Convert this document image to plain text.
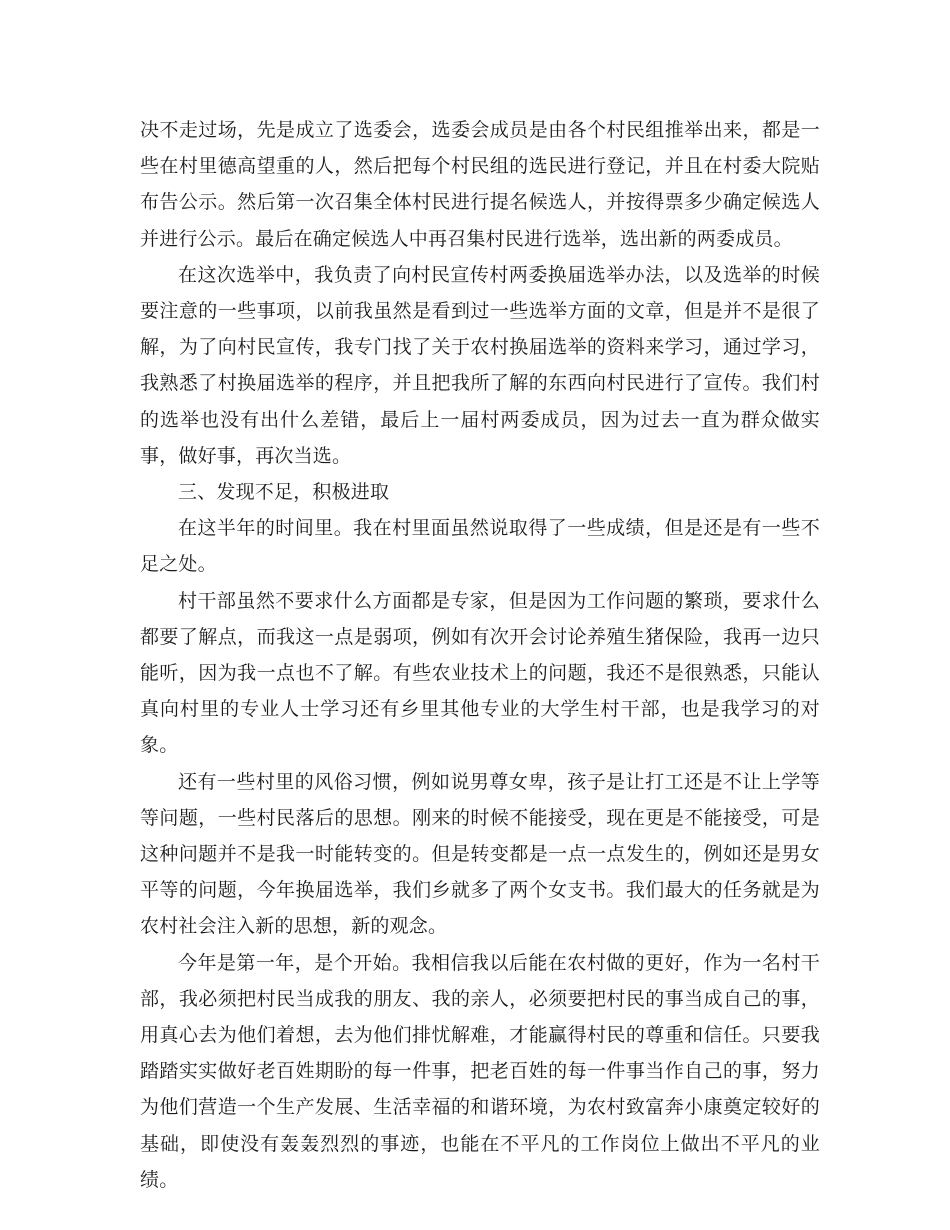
决不走过场，先是成立了选委会，选委会成员是由各个村民组推举出来，都是一些在村里德高望重的人，然后把每个村民组的选民进行登记，并且在村委大院贴布告公示。然后第一次召集全体村民进行提名候选人，并按得票多少确定候选人并进行公示。最后在确定候选人中再召集村民进行选举，选出新的两委成员。

在这次选举中，我负责了向村民宣传村两委换届选举办法，以及选举的时候要注意的一些事项，以前我虽然是看到过一些选举方面的文章，但是并不是很了解，为了向村民宣传，我专门找了关于农村换届选举的资料来学习，通过学习，我熟悉了村换届选举的程序，并且把我所了解的东西向村民进行了宣传。我们村的选举也没有出什么差错，最后上一届村两委成员，因为过去一直为群众做实事，做好事，再次当选。

三、发现不足，积极进取

在这半年的时间里。我在村里面虽然说取得了一些成绩，但是还是有一些不足之处。

村干部虽然不要求什么方面都是专家，但是因为工作问题的繁琐，要求什么都要了解点，而我这一点是弱项，例如有次开会讨论养殖生猪保险，我再一边只能听，因为我一点也不了解。有些农业技术上的问题，我还不是很熟悉，只能认真向村里的专业人士学习还有乡里其他专业的大学生村干部，也是我学习的对象。

还有一些村里的风俗习惯，例如说男尊女卑，孩子是让打工还是不让上学等等问题，一些村民落后的思想。刚来的时候不能接受，现在更是不能接受，可是这种问题并不是我一时能转变的。但是转变都是一点一点发生的，例如还是男女平等的问题，今年换届选举，我们乡就多了两个女支书。我们最大的任务就是为农村社会注入新的思想，新的观念。

今年是第一年，是个开始。我相信我以后能在农村做的更好，作为一名村干部，我必须把村民当成我的朋友、我的亲人，必须要把村民的事当成自己的事，用真心去为他们着想，去为他们排忧解难，才能赢得村民的尊重和信任。只要我踏踏实实做好老百姓期盼的每一件事，把老百姓的每一件事当作自己的事，努力为他们营造一个生产发展、生活幸福的和谐环境，为农村致富奔小康奠定较好的基础，即使没有轰轰烈烈的事迹，也能在不平凡的工作岗位上做出不平凡的业绩。
